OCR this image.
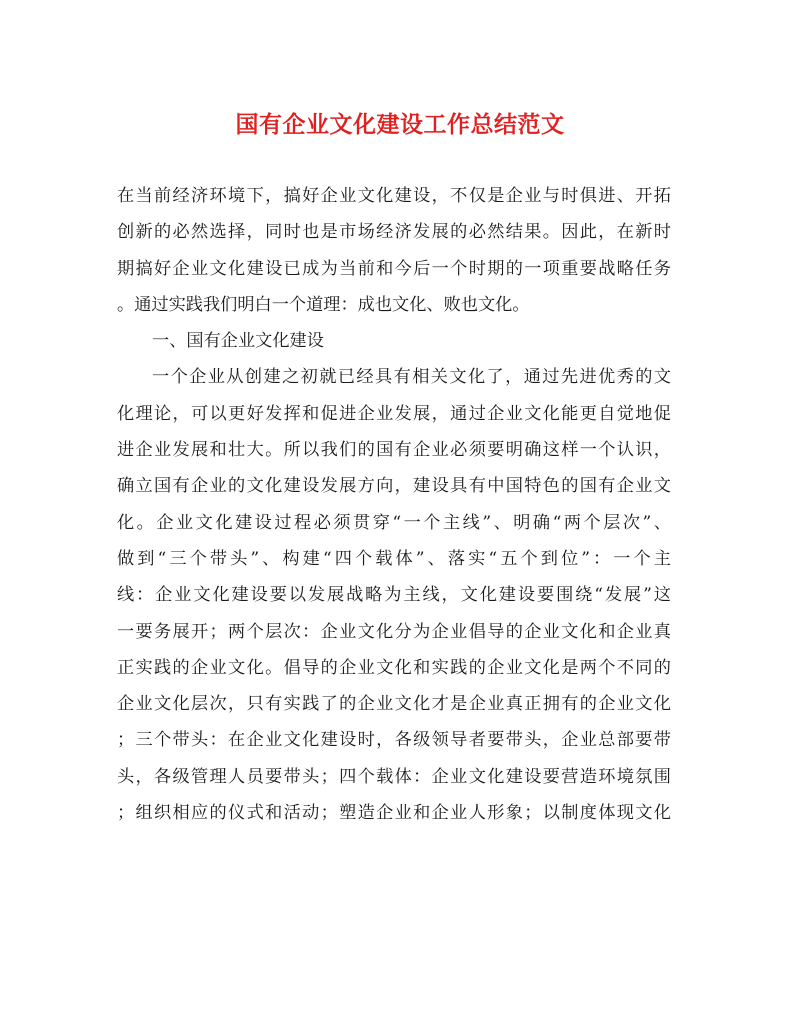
国有企业文化建设工作总结范文
在当前经济环境下，搞好企业文化建设，不仅是企业与时俱进、开拓
创新的必然选择，同时也是市场经济发展的必然结果。因此，在新时
期搞好企业文化建设已成为当前和今后一个时期的一项重要战略任务
。通过实践我们明白一个道理：成也文化、败也文化。
一、国有企业文化建设
一个企业从创建之初就已经具有相关文化了，通过先进优秀的文
化理论，可以更好发挥和促进企业发展，通过企业文化能更自觉地促
进企业发展和壮大。所以我们的国有企业必须要明确这样一个认识，
确立国有企业的文化建设发展方向，建设具有中国特色的国有企业文
化。企业文化建设过程必须贯穿“一个主线”、明确“两个层次”、
做到“三个带头”、构建“四个载体”、落实“五个到位”：一个主
线：企业文化建设要以发展战略为主线，文化建设要围绕“发展”这
一要务展开；两个层次：企业文化分为企业倡导的企业文化和企业真
正实践的企业文化。倡导的企业文化和实践的企业文化是两个不同的
企业文化层次，只有实践了的企业文化才是企业真正拥有的企业文化
；三个带头：在企业文化建设时，各级领导者要带头，企业总部要带
头，各级管理人员要带头；四个载体：企业文化建设要营造环境氛围
；组织相应的仪式和活动；塑造企业和企业人形象；以制度体现文化
